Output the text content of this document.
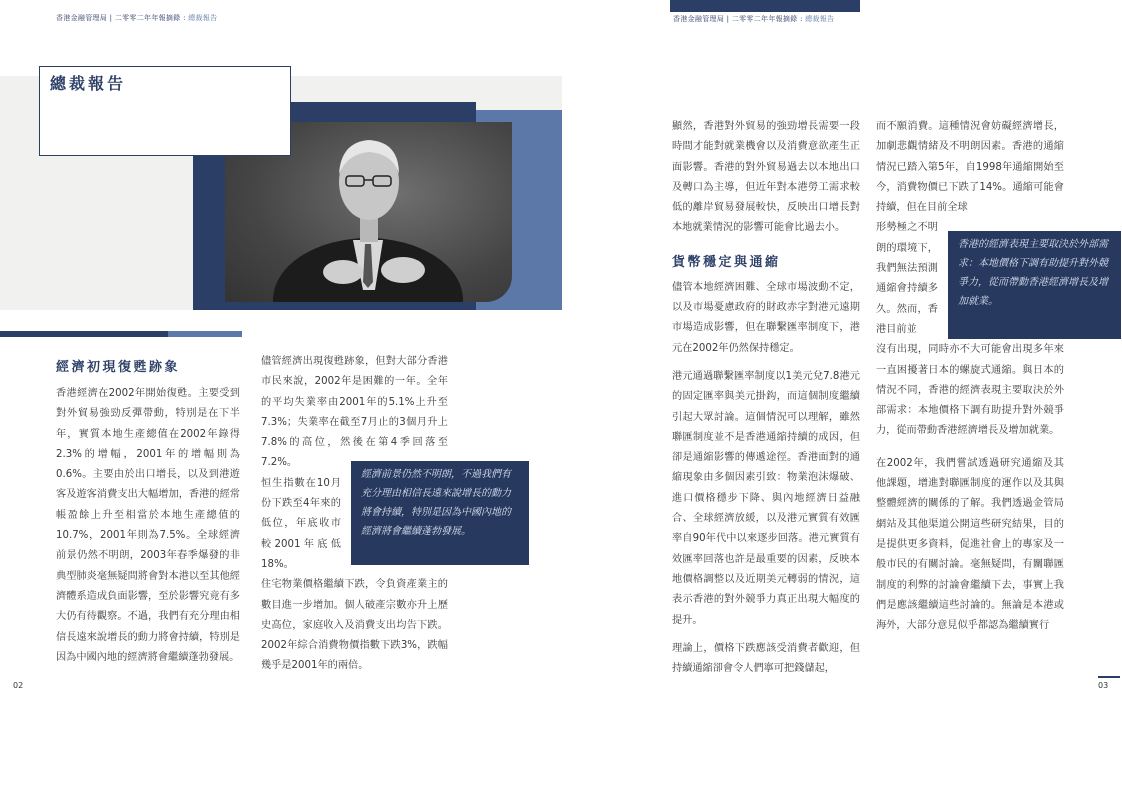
香港金融管理局 | 二零零二年年報摘錄 : 總裁報告
總裁報告
經濟初現復甦跡象

香港經濟在2002年開始復甦。主要受到對外貿易強勁反彈帶動，特別是在下半年，實質本地生產總值在2002年錄得2.3%的增幅，2001年的增幅則為0.6%。主要由於出口增長，以及到港遊客及遊客消費支出大幅增加，香港的經常帳盈餘上升至相當於本地生產總值的10.7%，2001年則為7.5%。全球經濟前景仍然不明朗，2003年春季爆發的非典型肺炎毫無疑問將會對本港以至其他經濟體系造成負面影響，至於影響究竟有多大仍有待觀察。不過，我們有充分理由相信長遠來說增長的動力將會持續，特別是因為中國內地的經濟將會繼續蓬勃發展。

儘管經濟出現復甦跡象，但對大部分香港市民來說，2002年是困難的一年。全年的平均失業率由2001年的5.1%上升至7.3%；失業率在截至7月止的3個月升上7.8%的高位，然後在第4季回落至7.2%。

恒生指數在10月份下跌至4年來的低位，年底收市較2001年底低18%。

住宅物業價格繼續下跌，令負資產業主的數目進一步增加。個人破產宗數亦升上歷史高位，家庭收入及消費支出均告下跌。2002年綜合消費物價指數下跌3%，跌幅幾乎是2001年的兩倍。

經濟前景仍然不明朗，不過我們有充分理由相信長遠來說增長的動力將會持續，特別是因為中國內地的經濟將會繼續蓬勃發展。

02
香港金融管理局 | 二零零二年年報摘錄 : 總裁報告

顯然，香港對外貿易的強勁增長需要一段時間才能對就業機會以及消費意欲產生正面影響。香港的對外貿易過去以本地出口及轉口為主導，但近年對本港勞工需求較低的離岸貿易發展較快，反映出口增長對本地就業情況的影響可能會比過去小。

貨幣穩定與通縮

儘管本地經濟困難、全球市場波動不定，以及市場憂慮政府的財政赤字對港元遠期市場造成影響，但在聯繫匯率制度下，港元在2002年仍然保持穩定。

港元通過聯繫匯率制度以1美元兌7.8港元的固定匯率與美元掛鈎，而這個制度繼續引起大眾討論。這個情況可以理解，雖然聯匯制度並不是香港通縮持續的成因，但卻是通縮影響的傳遞途徑。香港面對的通縮現象由多個因素引致：物業泡沫爆破、進口價格穩步下降、與內地經濟日益融合、全球經濟放緩，以及港元實質有效匯率自90年代中以來逐步回落。港元實質有效匯率回落也許是最重要的因素，反映本地價格調整以及近期美元轉弱的情況，這表示香港的對外競爭力真正出現大幅度的提升。

理論上，價格下跌應該受消費者歡迎，但持續通縮卻會令人們寧可把錢儲起，

而不願消費。這種情況會妨礙經濟增長，加劇悲觀情緒及不明朗因素。香港的通縮情況已踏入第5年，自1998年通縮開始至今，消費物價已下跌了14%。通縮可能會持續，但在目前全球

形勢極之不明朗的環境下，我們無法預測通縮會持續多久。然而，香港目前並

沒有出現，同時亦不大可能會出現多年來一直困擾著日本的螺旋式通縮。與日本的情況不同，香港的經濟表現主要取決於外部需求：本地價格下調有助提升對外競爭力，從而帶動香港經濟增長及增加就業。

在2002年，我們嘗試透過研究通縮及其他課題，增進對聯匯制度的運作以及其與整體經濟的關係的了解。我們透過金管局網站及其他渠道公開這些研究結果，目的是提供更多資料，促進社會上的專家及一般市民的有關討論。毫無疑問，有關聯匯制度的利弊的討論會繼續下去，事實上我們是應該繼續這些討論的。無論是本港或海外，大部分意見似乎都認為繼續實行

香港的經濟表現主要取決於外部需求：本地價格下調有助提升對外競爭力，從而帶動香港經濟增長及增加就業。

03
